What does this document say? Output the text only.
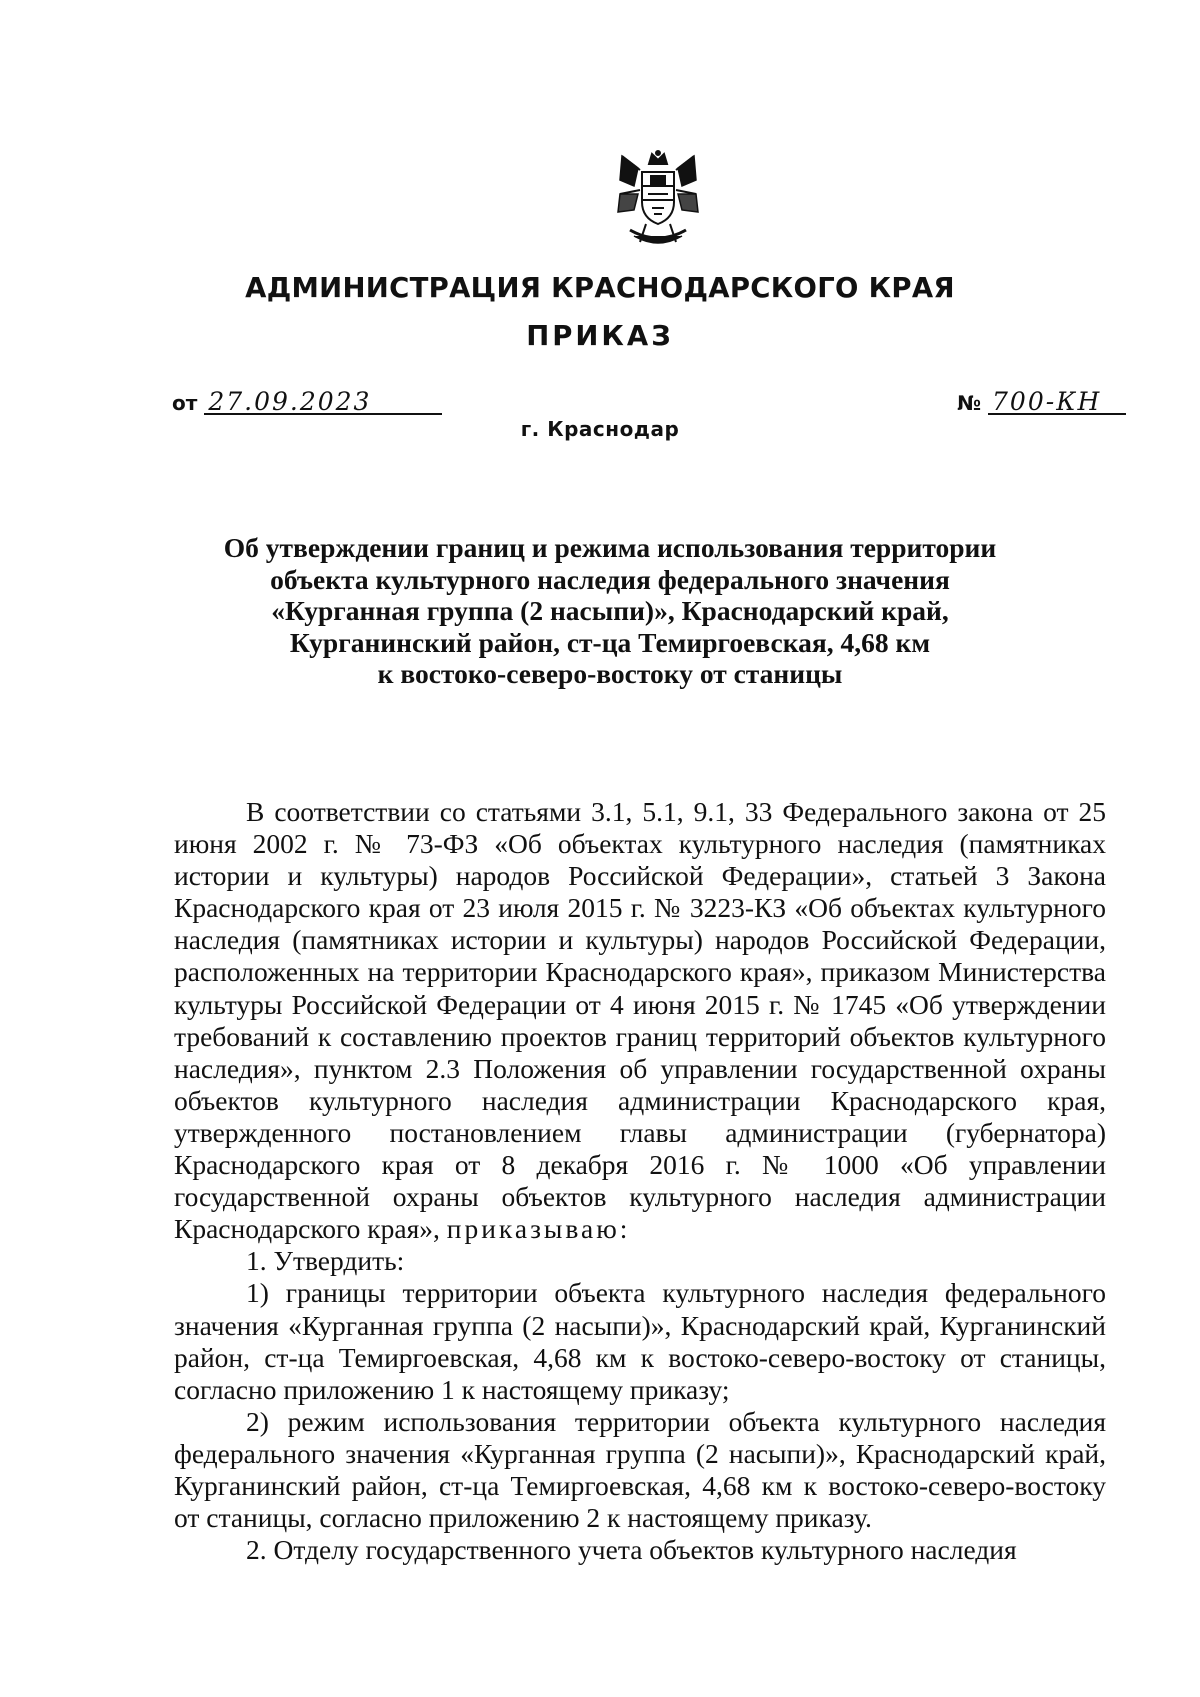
АДМИНИСТРАЦИЯ КРАСНОДАРСКОГО КРАЯ
ПРИКАЗ
от 27.09.2023	№ 700-КН
г. Краснодар
Об утверждении границ и режима использования территории
объекта культурного наследия федерального значения
«Курганная группа (2 насыпи)», Краснодарский край,
Курганинский район, ст-ца Темиргоевская, 4,68 км
к востоко-северо-востоку от станицы

В соответствии со статьями 3.1, 5.1, 9.1, 33 Федерального закона от 25 июня 2002 г. № 73-ФЗ «Об объектах культурного наследия (памятниках истории и культуры) народов Российской Федерации», статьей 3 Закона Краснодарского края от 23 июля 2015 г. № 3223-КЗ «Об объектах культурного наследия (памятниках истории и культуры) народов Российской Федерации, расположенных на территории Краснодарского края», приказом Министерства культуры Российской Федерации от 4 июня 2015 г. № 1745 «Об утверждении требований к составлению проектов границ территорий объектов культурного наследия», пунктом 2.3 Положения об управлении государственной охраны объектов культурного наследия администрации Краснодарского края, утвержденного постановлением главы администрации (губернатора) Краснодарского края от 8 декабря 2016 г. № 1000 «Об управлении государственной охраны объектов культурного наследия администрации Краснодарского края», приказываю:

1. Утвердить:

1) границы территории объекта культурного наследия федерального значения «Курганная группа (2 насыпи)», Краснодарский край, Курганинский район, ст-ца Темиргоевская, 4,68 км к востоко-северо-востоку от станицы, согласно приложению 1 к настоящему приказу;

2) режим использования территории объекта культурного наследия федерального значения «Курганная группа (2 насыпи)», Краснодарский край, Курганинский район, ст-ца Темиргоевская, 4,68 км к востоко-северо-востоку от станицы, согласно приложению 2 к настоящему приказу.

2. Отделу государственного учета объектов культурного наследия
